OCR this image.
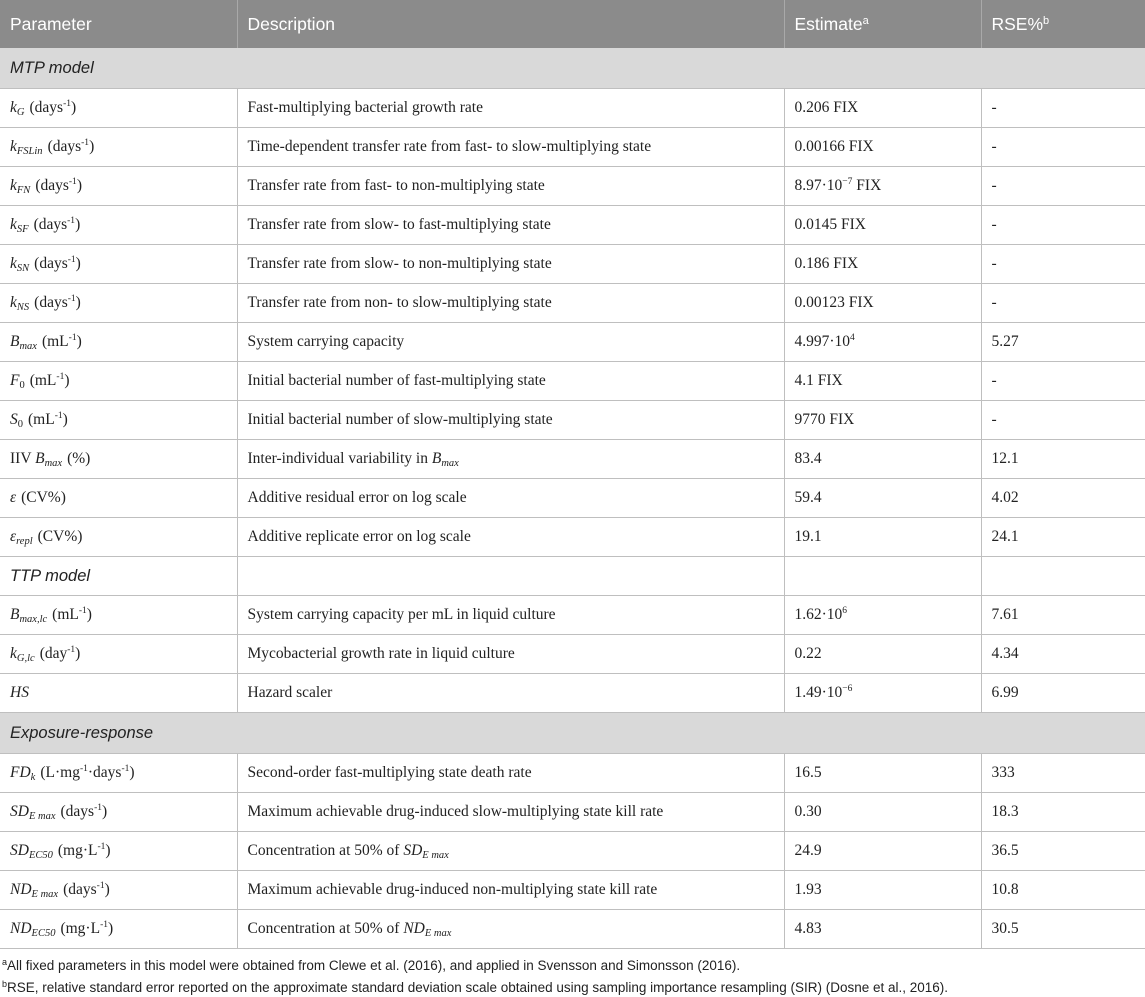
Parameter	Description	Estimate$^a$	RSE%$^b$
MTP model			
$k_G$ (days$^{-1}$)	Fast-multiplying bacterial growth rate	0.206 FIX	-
$k_{FSLin}$ (days$^{-1}$)	Time-dependent transfer rate from fast- to slow-multiplying state	0.00166 FIX	-
$k_{FN}$ (days$^{-1}$)	Transfer rate from fast- to non-multiplying state	$8.97\cdot 10^{-7}$ FIX	-
$k_{SF}$ (days$^{-1}$)	Transfer rate from slow- to fast-multiplying state	0.0145 FIX	-
$k_{SN}$ (days$^{-1}$)	Transfer rate from slow- to non-multiplying state	0.186 FIX	-
$k_{NS}$ (days$^{-1}$)	Transfer rate from non- to slow-multiplying state	0.00123 FIX	-
$B_{max}$ $(mL^{-1})$	System carrying capacity	$4.997\cdot 10^4$	5.27
F0 $(mL^{-1})$	Initial bacterial number of fast-multiplying state	4.1 FIX	-
S0 $(mL^{-1})$	Initial bacterial number of slow-multiplying state	9770 FIX	-
IIV $B_{max}$ (%)	Inter-individual variability in $B_{max}$	83.4	12.1
ε (CV%)	Additive residual error on log scale	59.4	4.02
$\varepsilon_{repl}$ (CV%)	Additive replicate error on log scale	19.1	24.1
TTP model			
$B_{max,lc}$ $(mL^{-1})$	System carrying capacity per mL in liquid culture	$1.62\cdot 10^6$	7.61
$k_{G,lc}$ (day$^{-1}$)	Mycobacterial growth rate in liquid culture	0.22	4.34
HS	Hazard scaler	$1.49\cdot 10^{-6}$	6.99
Exposure-response			
$FD_k$ $(L\cdot mg^{-1}\cdot days^{-1})$	Second-order fast-multiplying state death rate	16.5	333
$SD_{E max}$ (days$^{-1}$)	Maximum achievable drug-induced slow-multiplying state kill rate	0.30	18.3
$SD_{EC50}$ $(mg\cdot L^{-1})$	Concentration at 50% of $SD_{E max}$	24.9	36.5
$ND_{E max}$ (days$^{-1}$)	Maximum achievable drug-induced non-multiplying state kill rate	1.93	10.8
$ND_{EC50}$ $(mg\cdot L^{-1})$	Concentration at 50% of $ND_{E max}$	4.83	30.5

$^a$All fixed parameters in this model were obtained from Clewe et al. (2016), and applied in Svensson and Simonsson (2016).

$^b$RSE, relative standard error reported on the approximate standard deviation scale obtained using sampling importance resampling (SIR) (Dosne et al., 2016).
